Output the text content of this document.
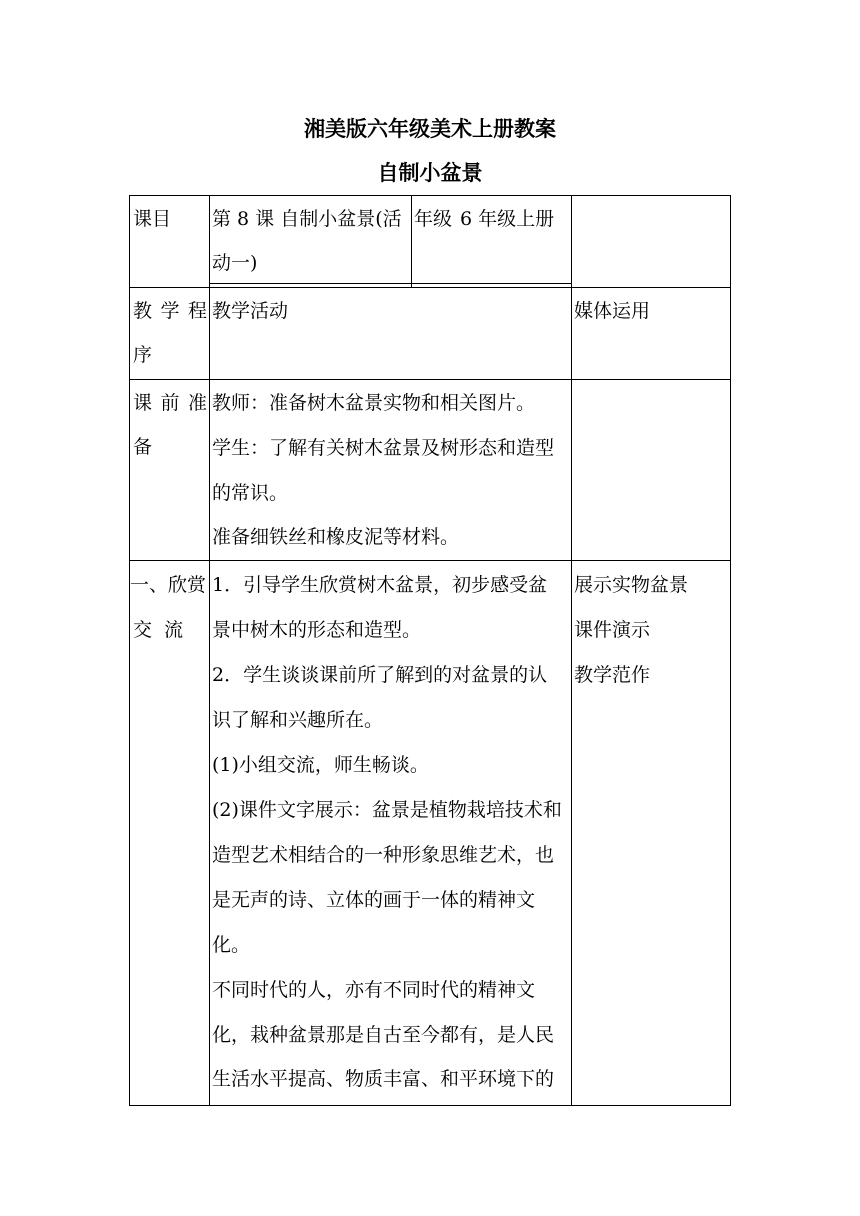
湘美版六年级美术上册教案
自制小盆景
课目 第 8 课 自制小盆景(活
动一)
年级 6 年级上册
教 学 程
序
教学活动	媒体运用
课 前 准
备
教师：准备树木盆景实物和相关图片。
学生：了解有关树木盆景及树形态和造型
的常识。
准备细铁丝和橡皮泥等材料。
一、欣赏
交  流
1．引导学生欣赏树木盆景，初步感受盆
景中树木的形态和造型。
2．学生谈谈课前所了解到的对盆景的认
识了解和兴趣所在。
(1)小组交流，师生畅谈。
(2)课件文字展示：盆景是植物栽培技术和
造型艺术相结合的一种形象思维艺术，也
是无声的诗、立体的画于一体的精神文
化。
不同时代的人，亦有不同时代的精神文
化，栽种盆景那是自古至今都有，是人民
生活水平提高、物质丰富、和平环境下的
展示实物盆景
课件演示
教学范作
